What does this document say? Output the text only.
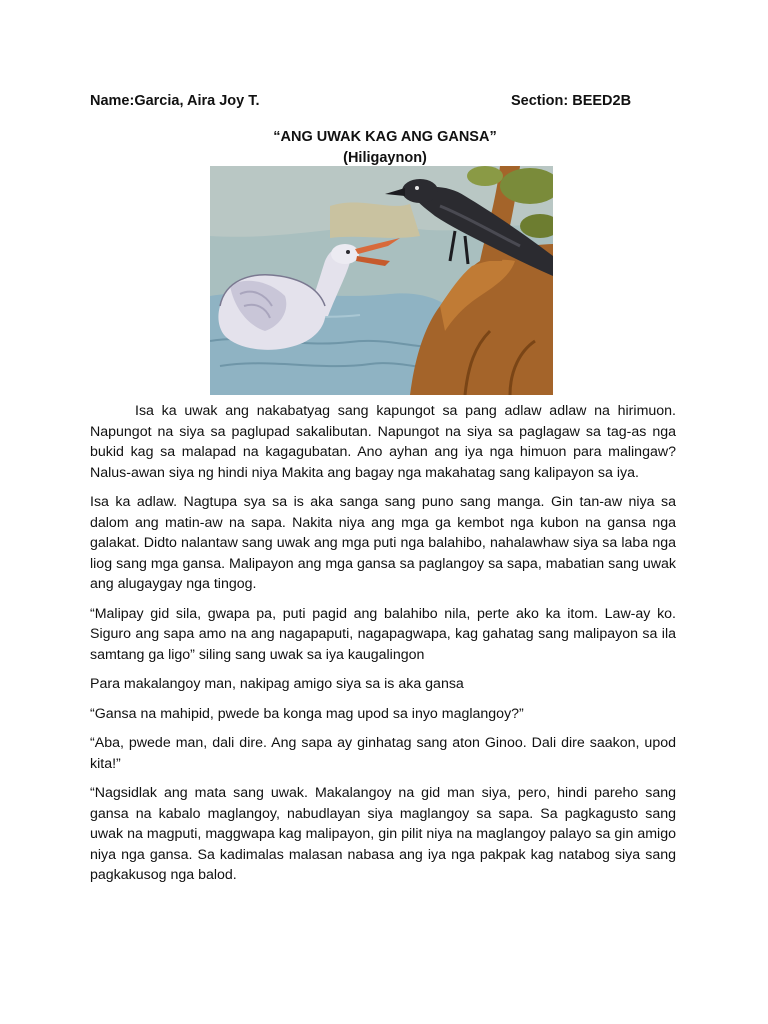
Name:Garcia, Aira Joy T.	Section: BEED2B
“ANG UWAK KAG ANG GANSA”
(Hiligaynon)

Isa ka uwak ang nakabatyag sang kapungot sa pang adlaw adlaw na hirimuon. Napungot na siya sa paglupad sakalibutan. Napungot na siya sa paglagaw sa tag-as nga bukid kag sa malapad na kagagubatan. Ano ayhan ang iya nga himuon para malingaw? Nalus-awan siya ng hindi niya Makita ang bagay nga makahatag sang kalipayon sa iya.

Isa ka adlaw. Nagtupa sya sa is aka sanga sang puno sang manga. Gin tan-aw niya sa dalom ang matin-aw na sapa. Nakita niya ang mga ga kembot nga kubon na gansa nga galakat. Didto nalantaw sang uwak ang mga puti nga balahibo, nahalawhaw siya sa laba nga liog sang mga gansa. Malipayon ang mga gansa sa paglangoy sa sapa, mabatian sang uwak ang alugaygay nga tingog.

“Malipay gid sila, gwapa pa, puti pagid ang balahibo nila, perte ako ka itom. Law-ay ko. Siguro ang sapa amo na ang nagapaputi, nagapagwapa, kag gahatag sang malipayon sa ila samtang ga ligo” siling sang uwak sa iya kaugalingon

Para makalangoy man, nakipag amigo siya sa is aka gansa

“Gansa na mahipid, pwede ba konga mag upod sa inyo maglangoy?”

“Aba, pwede man, dali dire. Ang sapa ay ginhatag sang aton Ginoo. Dali dire saakon, upod kita!”

“Nagsidlak ang mata sang uwak. Makalangoy na gid man siya, pero, hindi pareho sang gansa na kabalo maglangoy, nabudlayan siya maglangoy sa sapa. Sa pagkagusto sang uwak na magputi, maggwapa kag malipayon, gin pilit niya na maglangoy palayo sa gin amigo niya nga gansa. Sa kadimalas malasan nabasa ang iya nga pakpak kag natabog siya sang pagkakusog nga balod.
